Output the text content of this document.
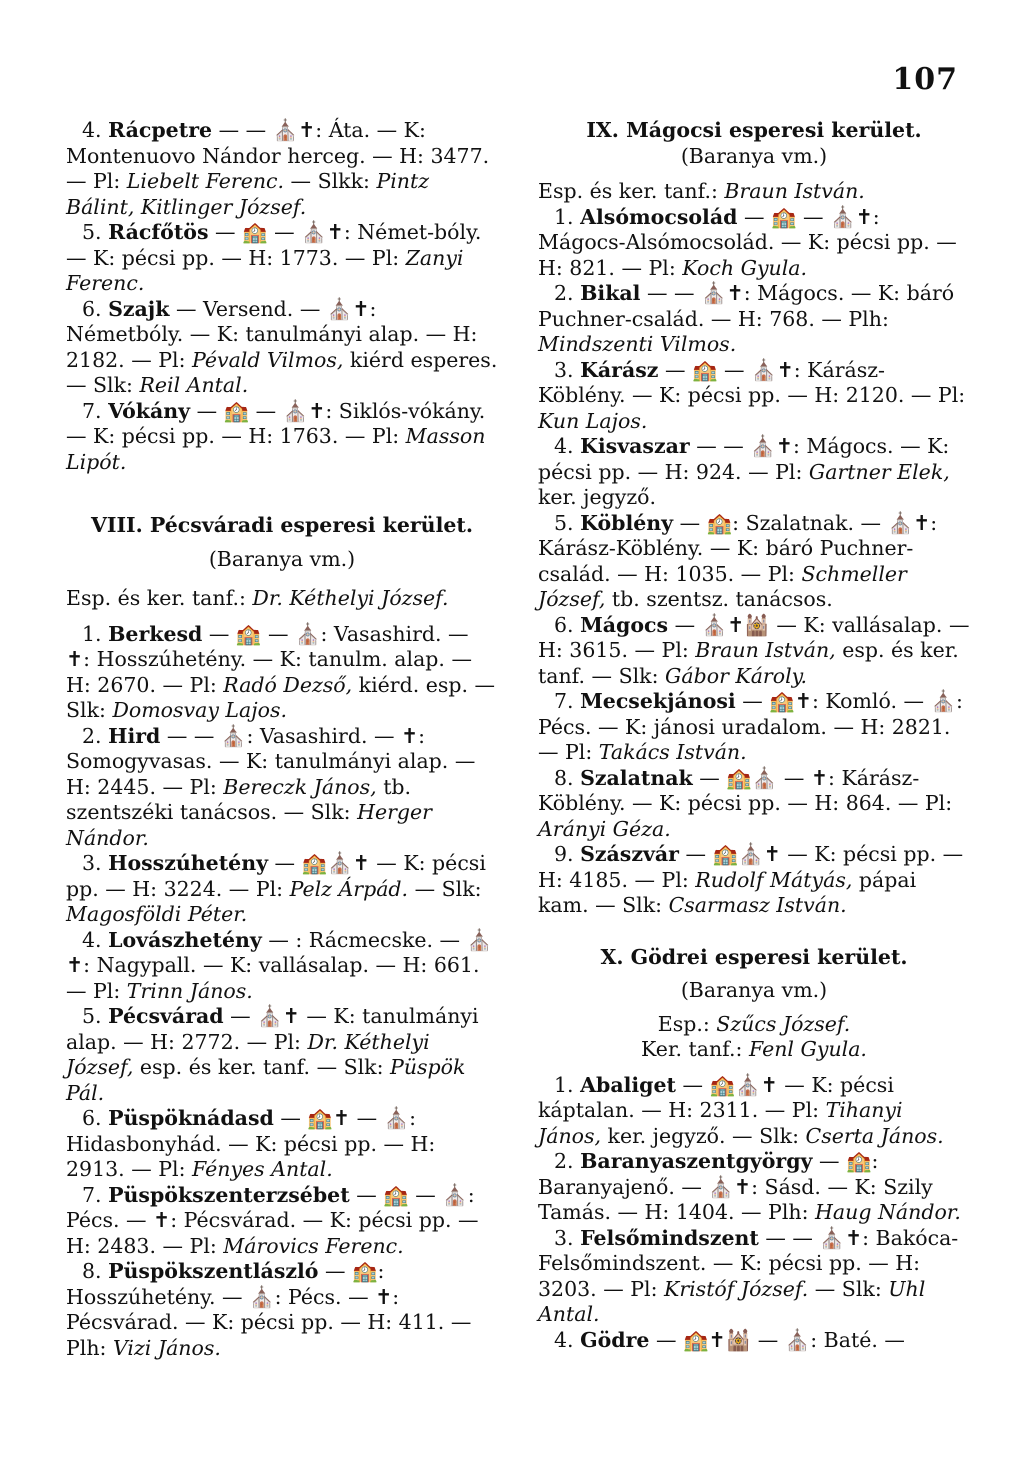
107
4. Rácpetre — — ⛪✝: Áta. — K: Montenuovo Nándor herceg. — H: 3477. — Pl: Liebelt Ferenc. — Slkk: Pintz Bálint, Kitlinger József.
5. Rácfőtös — 🏫 — ⛪✝: Német-bóly. — K: pécsi pp. — H: 1773. — Pl: Zanyi Ferenc.
6. Szajk — Versend. — ⛪✝: Németbóly. — K: tanulmányi alap. — H: 2182. — Pl: Pévald Vilmos, kiérd esperes. — Slk: Reil Antal.
7. Vókány — 🏫 — ⛪✝: Siklós-vókány. — K: pécsi pp. — H: 1763. — Pl: Masson Lipót.
VIII. Pécsváradi esperesi kerület.
(Baranya vm.)
Esp. és ker. tanf.: Dr. Kéthelyi József.
1. Berkesd — 🏫 — ⛪: Vasashird. — ✝: Hosszúhetény. — K: tanulm. alap. — H: 2670. — Pl: Radó Dezső, kiérd. esp. — Slk: Domosvay Lajos.
2. Hird — — ⛪: Vasashird. — ✝: Somogyvasas. — K: tanulmányi alap. — H: 2445. — Pl: Bereczk János, tb. szentszéki tanácsos. — Slk: Herger Nándor.
3. Hosszúhetény — 🏫⛪✝ — K: pécsi pp. — H: 3224. — Pl: Pelz Árpád. — Slk: Magosföldi Péter.
4. Lovászhetény — : Rácmecske. — ⛪✝: Nagypall. — K: vallásalap. — H: 661. — Pl: Trinn János.
5. Pécsvárad — ⛪✝ — K: tanulmányi alap. — H: 2772. — Pl: Dr. Kéthelyi József, esp. és ker. tanf. — Slk: Püspök Pál.
6. Püspöknádasd — 🏫✝ — ⛪: Hidasbonyhád. — K: pécsi pp. — H: 2913. — Pl: Fényes Antal.
7. Püspökszenterzsébet — 🏫 — ⛪: Pécs. — ✝: Pécsvárad. — K: pécsi pp. — H: 2483. — Pl: Márovics Ferenc.
8. Püspökszentlászló — 🏫: Hosszúhetény. — ⛪: Pécs. — ✝: Pécsvárad. — K: pécsi pp. — H: 411. — Plh: Vizi János.
IX. Mágocsi esperesi kerület.
(Baranya vm.)
Esp. és ker. tanf.: Braun István.
1. Alsómocsolád — 🏫 — ⛪✝: Mágocs-Alsómocsolád. — K: pécsi pp. —H: 821. — Pl: Koch Gyula.
2. Bikal — — ⛪✝: Mágocs. — K: báró Puchner-család. — H: 768. — Plh: Mindszenti Vilmos.
3. Kárász — 🏫 — ⛪✝: Kárász-Köblény. — K: pécsi pp. — H: 2120. — Pl: Kun Lajos.
4. Kisvaszar — — ⛪✝: Mágocs. — K: pécsi pp. — H: 924. — Pl: Gartner Elek, ker. jegyző.
5. Köblény — 🏫: Szalatnak. — ⛪✝: Kárász-Köblény. — K: báró Puchner-család. — H: 1035. — Pl: Schmeller József, tb. szentsz. tanácsos.
6. Mágocs — ⛪✝🕍 — K: vallásalap. — H: 3615. — Pl: Braun István, esp. és ker. tanf. — Slk: Gábor Károly.
7. Mecsekjánosi — 🏫✝: Komló. — ⛪: Pécs. — K: jánosi uradalom. — H: 2821. — Pl: Takács István.
8. Szalatnak — 🏫⛪ — ✝: Kárász-Köblény. — K: pécsi pp. — H: 864. — Pl: Arányi Géza.
9. Szászvár — 🏫⛪✝ — K: pécsi pp. — H: 4185. — Pl: Rudolf Mátyás, pápai kam. — Slk: Csarmasz István.
X. Gödrei esperesi kerület.
(Baranya vm.)
Esp.: Szűcs József.
Ker. tanf.: Fenl Gyula.
1. Abaliget — 🏫⛪✝ — K: pécsi káptalan. — H: 2311. — Pl: Tihanyi János, ker. jegyző. — Slk: Cserta János.
2. Baranyaszentgyörgy — 🏫: Baranyajenő. — ⛪✝: Sásd. — K: Szily Tamás. — H: 1404. — Plh: Haug Nándor.
3. Felsőmindszent — — ⛪✝: Bakóca-Felsőmindszent. — K: pécsi pp. — H: 3203. — Pl: Kristóf József. — Slk: Uhl Antal.
4. Gödre — 🏫✝🕍 — ⛪: Baté. —
